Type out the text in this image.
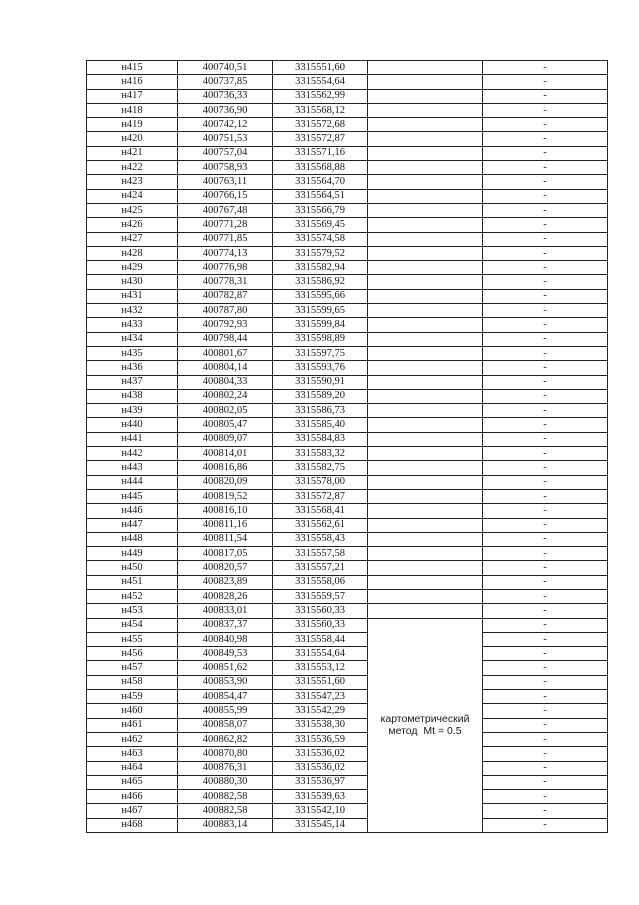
н415	400740,51	3315551,60		-
н416	400737,85	3315554,64		-
н417	400736,33	3315562,99		-
н418	400736,90	3315568,12		-
н419	400742,12	3315572,68		-
н420	400751,53	3315572,87		-
н421	400757,04	3315571,16		-
н422	400758,93	3315568,88		-
н423	400763,11	3315564,70		-
н424	400766,15	3315564,51		-
н425	400767,48	3315566,79		-
н426	400771,28	3315569,45		-
н427	400771,85	3315574,58		-
н428	400774,13	3315579,52		-
н429	400776,98	3315582,94		-
н430	400778,31	3315586,92		-
н431	400782,87	3315595,66		-
н432	400787,80	3315599,65		-
н433	400792,93	3315599,84		-
н434	400798,44	3315598,89		-
н435	400801,67	3315597,75		-
н436	400804,14	3315593,76		-
н437	400804,33	3315590,91		-
н438	400802,24	3315589,20		-
н439	400802,05	3315586,73		-
н440	400805,47	3315585,40		-
н441	400809,07	3315584,83		-
н442	400814,01	3315583,32		-
н443	400816,86	3315582,75		-
н444	400820,09	3315578,00		-
н445	400819,52	3315572,87		-
н446	400816,10	3315568,41		-
н447	400811,16	3315562,61		-
н448	400811,54	3315558,43		-
н449	400817,05	3315557,58		-
н450	400820,57	3315557,21		-
н451	400823,89	3315558,06		-
н452	400828,26	3315559,57		-
н453	400833,01	3315560,33		-
н454	400837,37	3315560,33	картометрический
метод  Mt = 0.5	-
н455	400840,98	3315558,44		-
н456	400849,53	3315554,64		-
н457	400851,62	3315553,12		-
н458	400853,90	3315551,60		-
н459	400854,47	3315547,23		-
н460	400855,99	3315542,29		-
н461	400858,07	3315538,30		-
н462	400862,82	3315536,59		-
н463	400870,80	3315536,02		-
н464	400876,31	3315536,02		-
н465	400880,30	3315536,97		-
н466	400882,58	3315539,63		-
н467	400882,58	3315542,10		-
н468	400883,14	3315545,14		-
